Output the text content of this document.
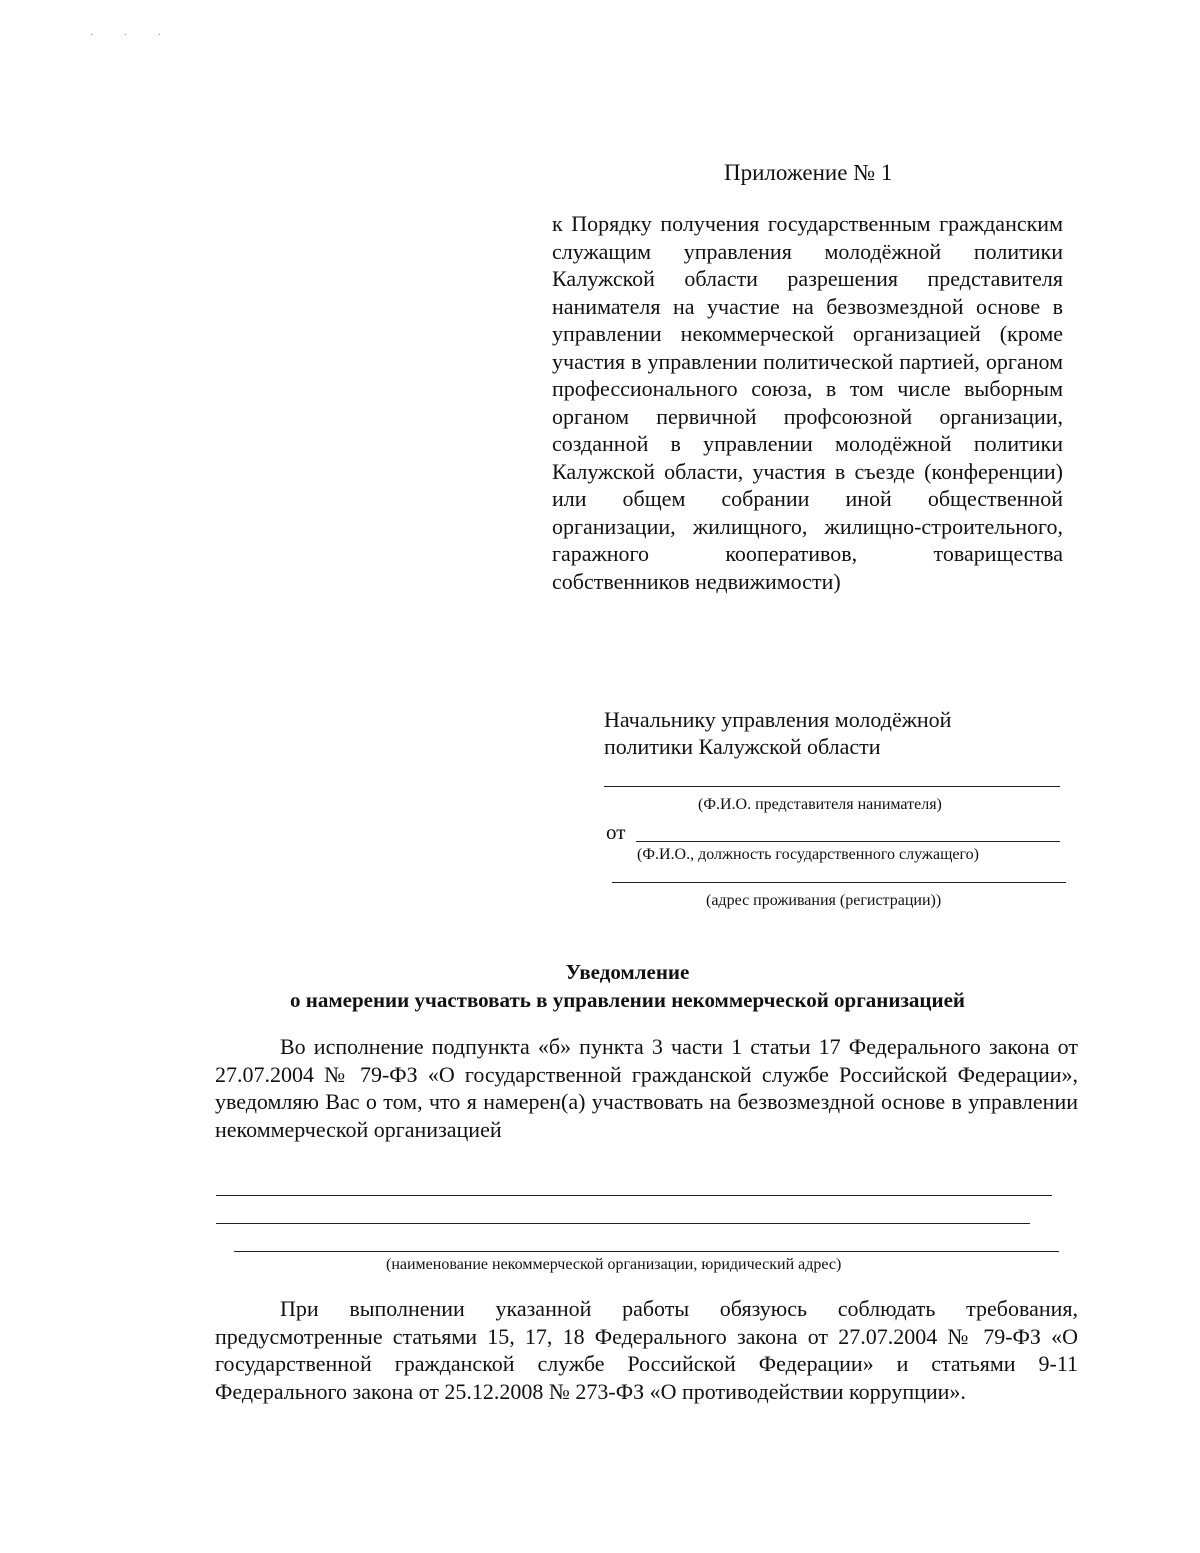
· · ·
Приложение № 1
к Порядку получения государственным гражданским служащим управления молодёжной политики Калужской области разрешения представителя нанимателя на участие на безвозмездной основе в управлении некоммерческой организацией (кроме участия в управлении политической партией, органом профессионального союза, в том числе выборным органом первичной профсоюзной организации, созданной в управлении молодёжной политики Калужской области, участия в съезде (конференции) или общем собрании иной общественной организации, жилищного, жилищно-строительного, гаражного кооперативов, товарищества собственников недвижимости)
Начальнику управления молодёжной
политики Калужской области
(Ф.И.О. представителя нанимателя)
от
(Ф.И.О., должность государственного служащего)
(адрес проживания (регистрации))
Уведомление
о намерении участвовать в управлении некоммерческой организацией
Во исполнение подпункта «б» пункта 3 части 1 статьи 17 Федерального закона от 27.07.2004 № 79-ФЗ «О государственной гражданской службе Российской Федерации», уведомляю Вас о том, что я намерен(а) участвовать на безвозмездной основе в управлении некоммерческой организацией
(наименование некоммерческой организации, юридический адрес)
При выполнении указанной работы обязуюсь соблюдать требования, предусмотренные статьями 15, 17, 18 Федерального закона от 27.07.2004 № 79-ФЗ «О государственной гражданской службе Российской Федерации» и статьями 9-11 Федерального закона от 25.12.2008 № 273-ФЗ «О противодействии коррупции».
